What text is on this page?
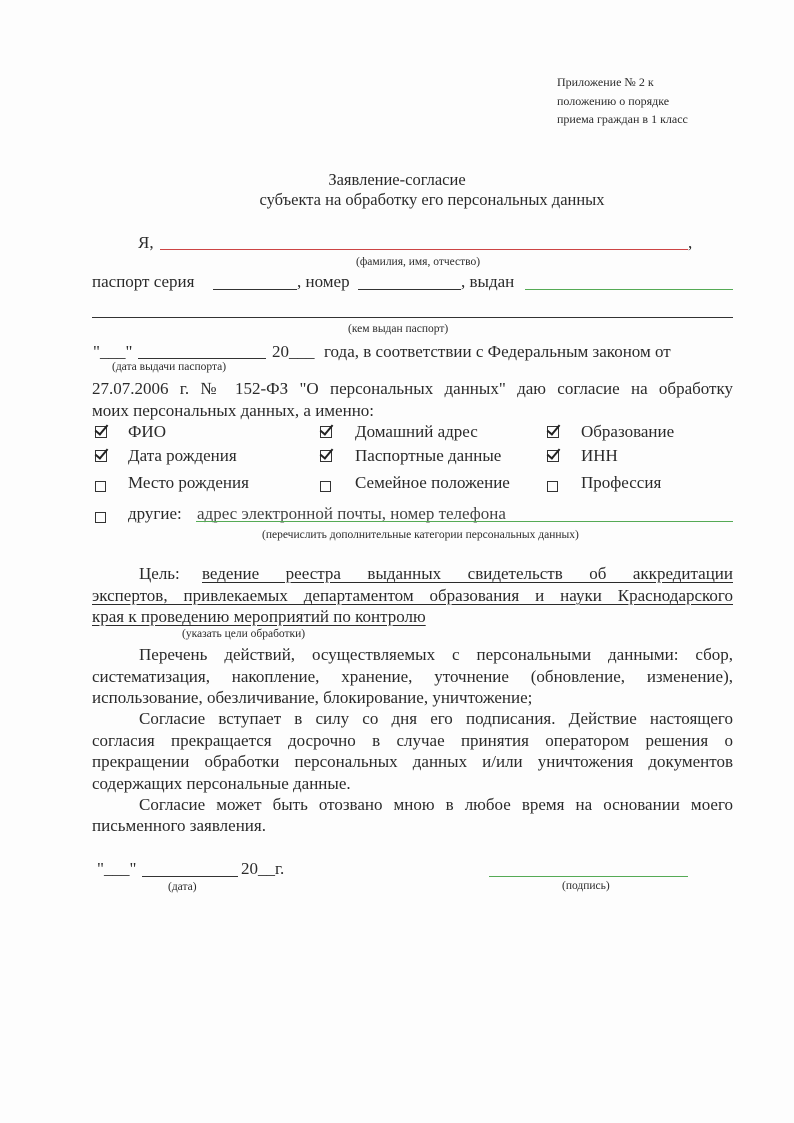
Приложение № 2 к
положению о порядке
приема граждан в 1 класс
Заявление-согласие
субъекта на обработку его персональных данных
Я,	,
(фамилия, имя, отчество)
паспорт серия	, номер	, выдан
(кем выдан паспорт)
"___"	20___ года, в соответствии с Федеральным законом от
(дата выдачи паспорта)
27.07.2006 г. № 152-ФЗ "О персональных данных" даю согласие на обработку
моих персональных данных, а именно:
ФИО	Домашний адрес	Образование
Дата рождения	Паспортные данные	ИНН
Место рождения	Семейное положение	Профессия
другие: адрес электронной почты, номер телефона
(перечислить дополнительные категории персональных данных)
Цель: ведение реестра выданных свидетельств об аккредитации
экспертов, привлекаемых департаментом образования и науки Краснодарского
края к проведению мероприятий по контролю
(указать цели обработки)
Перечень действий, осуществляемых с персональными данными: сбор,
систематизация, накопление, хранение, уточнение (обновление, изменение),
использование, обезличивание, блокирование, уничтожение;
Согласие вступает в силу со дня его подписания. Действие настоящего
согласия прекращается досрочно в случае принятия оператором решения о
прекращении обработки персональных данных и/или уничтожения документов
содержащих персональные данные.
Согласие может быть отозвано мною в любое время на основании моего
письменного заявления.
"___"	20__г.
(дата)	(подпись)
